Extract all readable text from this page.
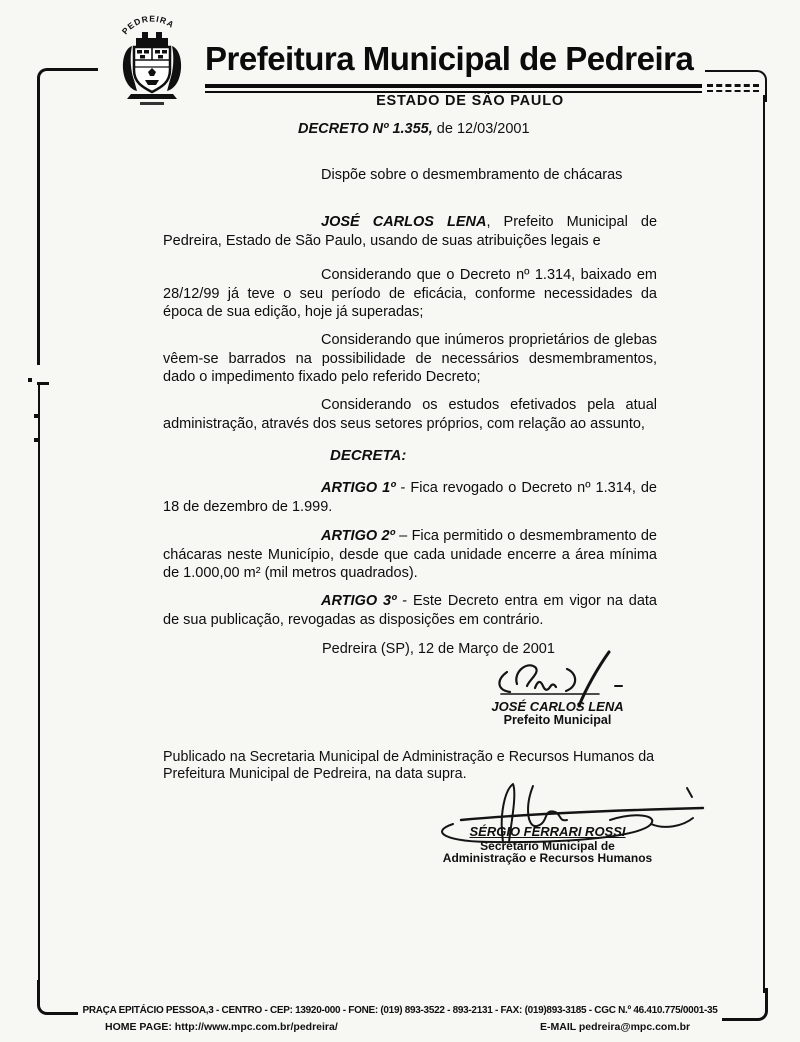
PEDREIRA
Prefeitura Municipal de Pedreira
ESTADO DE SÃO PAULO
DECRETO Nº 1.355, de 12/03/2001
Dispõe sobre o desmembramento de chácaras
JOSÉ CARLOS LENA, Prefeito Municipal de Pedreira, Estado de São Paulo, usando de suas atribuições legais e
Considerando que o Decreto nº 1.314, baixado em 28/12/99 já teve o seu período de eficácia, conforme necessidades da época de sua edição, hoje já superadas;
Considerando que inúmeros proprietários de glebas vêem-se barrados na possibilidade de necessários desmembramentos, dado o impedimento fixado pelo referido Decreto;
Considerando os estudos efetivados pela atual administração, através dos seus setores próprios, com relação ao assunto,
DECRETA:
ARTIGO 1º - Fica revogado o Decreto nº 1.314, de 18 de dezembro de 1.999.
ARTIGO 2º – Fica permitido o desmembramento de chácaras neste Município, desde que cada unidade encerre a área mínima de 1.000,00 m² (mil metros quadrados).
ARTIGO 3º - Este Decreto entra em vigor na data de sua publicação, revogadas as disposições em contrário.
Pedreira (SP), 12 de Março de 2001
JOSÉ CARLOS LENA
Prefeito Municipal
Publicado na Secretaria Municipal de Administração e Recursos Humanos da Prefeitura Municipal de Pedreira, na data supra.
SÉRGIO FERRARI ROSSI
Secretário Municipal de
Administração e Recursos Humanos
PRAÇA EPITÁCIO PESSOA,3 - CENTRO - CEP: 13920-000 - FONE: (019) 893-3522 - 893-2131 - FAX: (019)893-3185 - CGC N.º 46.410.775/0001-35
HOME PAGE: http://www.mpc.com.br/pedreira/	E-MAIL pedreira@mpc.com.br
